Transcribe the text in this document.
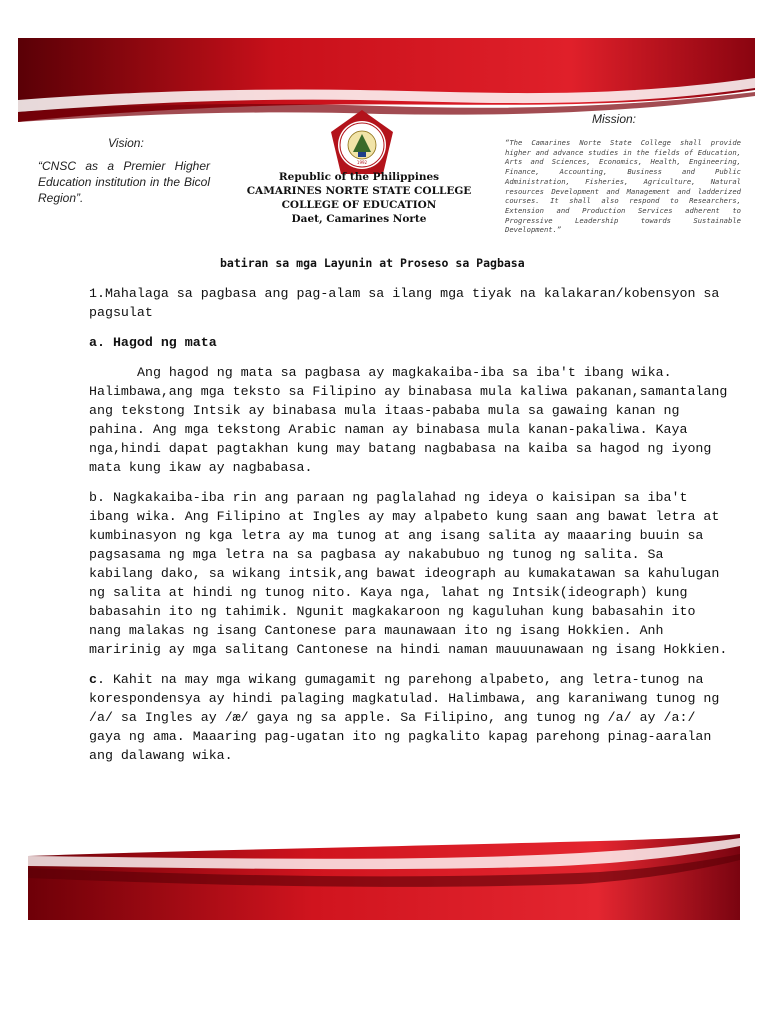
Vision:
“CNSC as a Premier Higher Education institution in the Bicol Region”.
1992
Republic of the Philippines
CAMARINES NORTE STATE COLLEGE
COLLEGE OF EDUCATION
Daet, Camarines Norte
Mission:
“The Camarines Norte State College shall provide higher and advance studies in the fields of Education, Arts and Sciences, Economics, Health, Engineering, Finance, Accounting, Business and Public Administration, Fisheries, Agriculture, Natural resources Development and Management and ladderized courses. It shall also respond to Researchers, Extension and Production Services adherent to Progressive Leadership towards Sustainable Development.”
batiran sa mga Layunin at Proseso sa Pagbasa

1.Mahalaga sa pagbasa ang pag-alam sa ilang mga tiyak na kalakaran/kobensyon sa pagsulat

a. Hagod ng mata

Ang hagod ng mata sa pagbasa ay magkakaiba-iba sa iba't ibang wika. Halimbawa,ang mga teksto sa Filipino ay binabasa mula kaliwa pakanan,samantalang ang tekstong Intsik ay binabasa mula itaas-pababa mula sa gawaing kanan ng pahina. Ang mga tekstong Arabic naman ay binabasa mula kanan-pakaliwa. Kaya nga,hindi dapat pagtakhan kung may batang nagbabasa na kaiba sa hagod ng iyong mata kung ikaw ay nagbabasa.

b. Nagkakaiba-iba rin ang paraan ng paglalahad ng ideya o kaisipan sa iba't ibang wika. Ang Filipino at Ingles ay may alpabeto kung saan ang bawat letra at kumbinasyon ng kga letra ay ma tunog at ang isang salita ay maaaring buuin sa pagsasama ng mga letra na sa pagbasa ay nakabubuo ng tunog ng salita. Sa kabilang dako, sa wikang intsik,ang bawat ideograph au kumakatawan sa kahulugan ng salita at hindi ng tunog nito. Kaya nga, lahat ng Intsik(ideograph) kung babasahin ito ng tahimik. Ngunit magkakaroon ng kaguluhan kung babasahin ito nang malakas ng isang Cantonese para maunawaan ito ng isang Hokkien. Anh maririnig ay mga salitang Cantonese na hindi naman mauuunawaan ng isang Hokkien.

c. Kahit na may mga wikang gumagamit ng parehong alpabeto, ang letra-tunog na korespondensya ay hindi palaging magkatulad. Halimbawa, ang karaniwang tunog ng /a/ sa Ingles ay /æ/ gaya ng sa apple. Sa Filipino, ang tunog ng /a/ ay /a:/ gaya ng ama. Maaaring pag-ugatan ito ng pagkalito kapag parehong pinag-aaralan ang dalawang wika.
